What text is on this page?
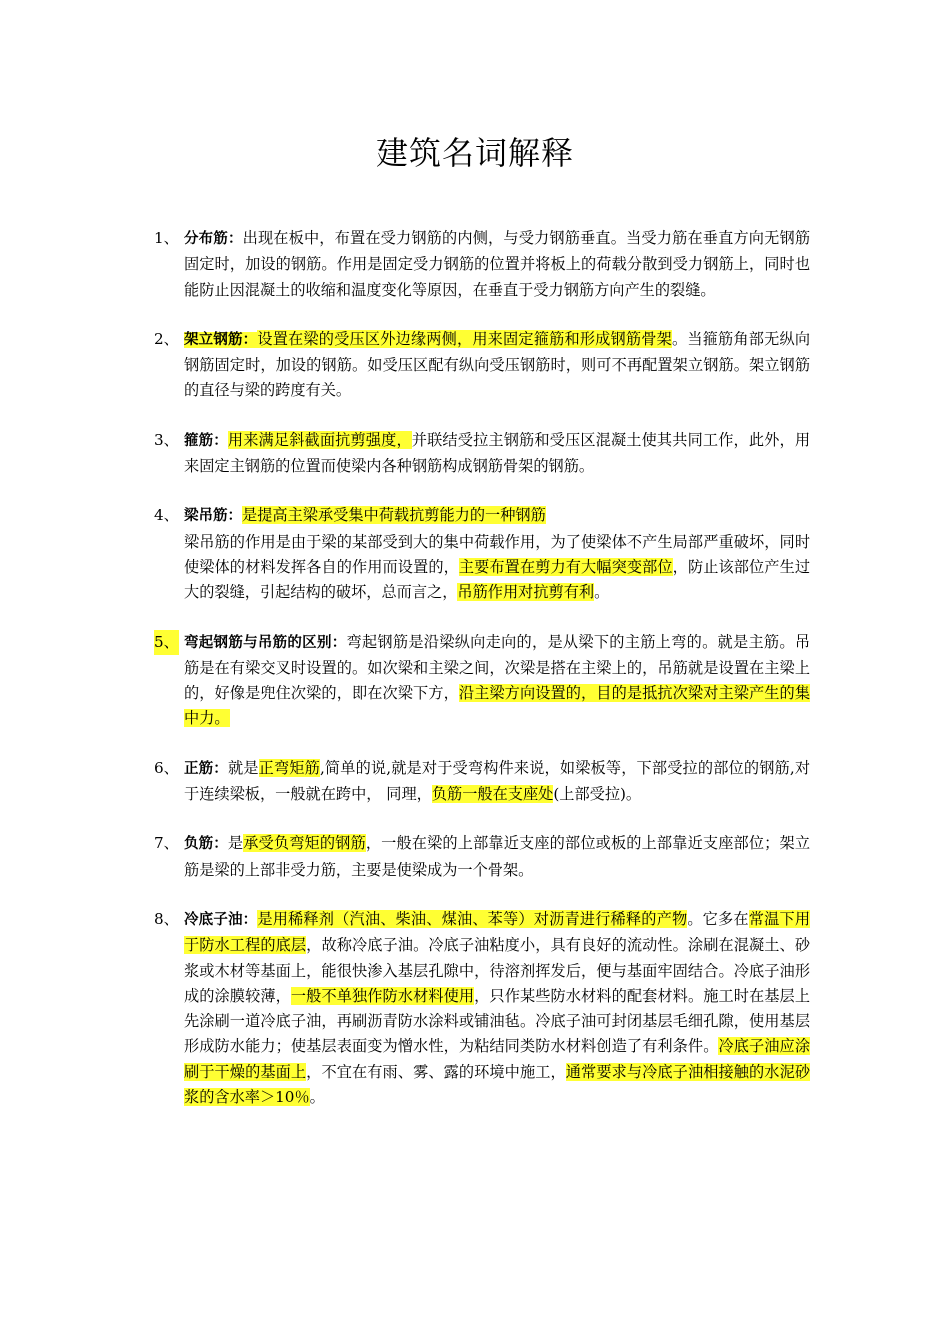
建筑名词解释
1、 分布筋：出现在板中，布置在受力钢筋的内侧，与受力钢筋垂直。当受力筋在垂直方向无钢筋固定时，加设的钢筋。作用是固定受力钢筋的位置并将板上的荷载分散到受力钢筋上，同时也能防止因混凝土的收缩和温度变化等原因，在垂直于受力钢筋方向产生的裂缝。

2、 架立钢筋：设置在梁的受压区外边缘两侧，用来固定箍筋和形成钢筋骨架。当箍筋角部无纵向钢筋固定时，加设的钢筋。如受压区配有纵向受压钢筋时，则可不再配置架立钢筋。架立钢筋的直径与梁的跨度有关。

3、 箍筋：用来满足斜截面抗剪强度，并联结受拉主钢筋和受压区混凝土使其共同工作，此外，用来固定主钢筋的位置而使梁内各种钢筋构成钢筋骨架的钢筋。

4、 梁吊筋：是提高主梁承受集中荷载抗剪能力的一种钢筋

梁吊筋的作用是由于梁的某部受到大的集中荷载作用，为了使梁体不产生局部严重破坏，同时使梁体的材料发挥各自的作用而设置的，主要布置在剪力有大幅突变部位，防止该部位产生过大的裂缝，引起结构的破坏，总而言之，吊筋作用对抗剪有利。

5、 弯起钢筋与吊筋的区别：弯起钢筋是沿梁纵向走向的，是从梁下的主筋上弯的。就是主筋。吊筋是在有梁交叉时设置的。如次梁和主梁之间，次梁是搭在主梁上的，吊筋就是设置在主梁上的，好像是兜住次梁的，即在次梁下方，沿主梁方向设置的，目的是抵抗次梁对主梁产生的集中力。

6、 正筋：就是正弯矩筋,简单的说,就是对于受弯构件来说，如梁板等，下部受拉的部位的钢筋,对于连续梁板，一般就在跨中， 同理，负筋一般在支座处(上部受拉)。

7、 负筋：是承受负弯矩的钢筋，一般在梁的上部靠近支座的部位或板的上部靠近支座部位；架立筋是梁的上部非受力筋，主要是使梁成为一个骨架。

8、 冷底子油：是用稀释剂（汽油、柴油、煤油、苯等）对沥青进行稀释的产物。它多在常温下用于防水工程的底层，故称冷底子油。冷底子油粘度小，具有良好的流动性。涂刷在混凝土、砂浆或木材等基面上，能很快渗入基层孔隙中，待溶剂挥发后，便与基面牢固结合。冷底子油形成的涂膜较薄，一般不单独作防水材料使用，只作某些防水材料的配套材料。施工时在基层上先涂刷一道冷底子油，再刷沥青防水涂料或铺油毡。冷底子油可封闭基层毛细孔隙，使用基层形成防水能力；使基层表面变为憎水性，为粘结同类防水材料创造了有利条件。冷底子油应涂刷于干燥的基面上，不宜在有雨、雾、露的环境中施工，通常要求与冷底子油相接触的水泥砂浆的含水率＞10％。
